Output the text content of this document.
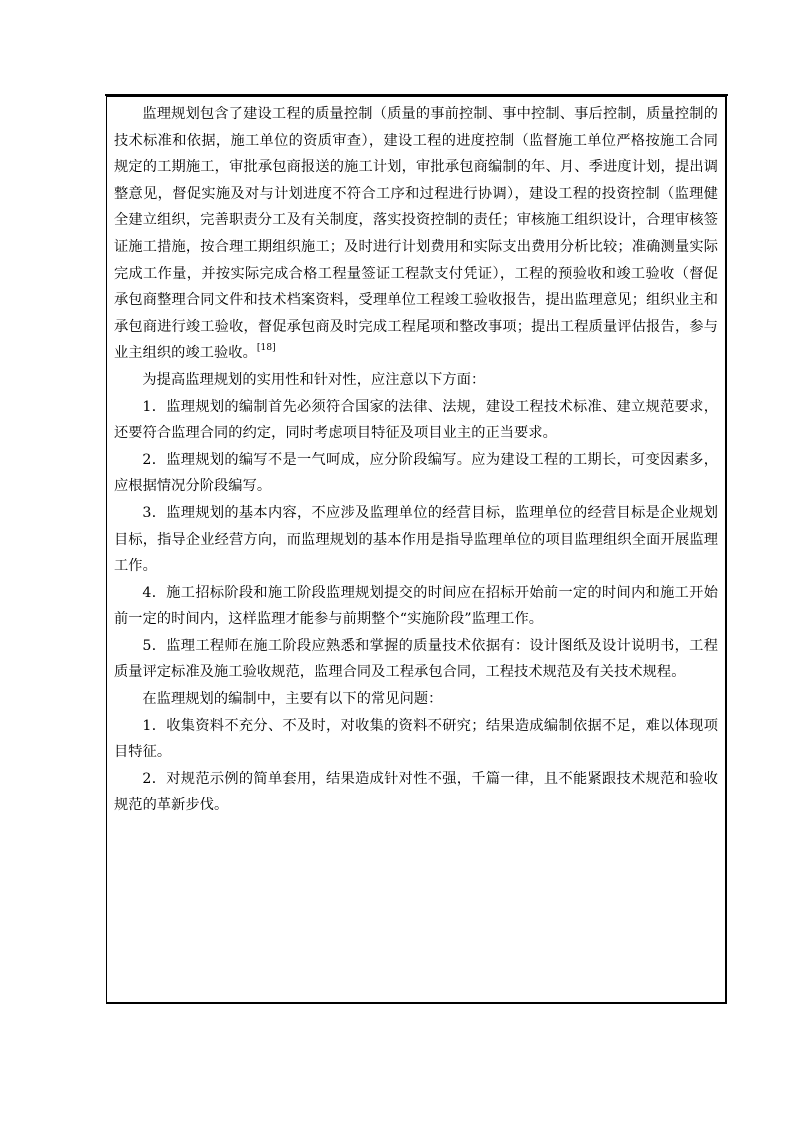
监理规划包含了建设工程的质量控制（质量的事前控制、事中控制、事后控制，质量控制的技术标准和依据，施工单位的资质审查），建设工程的进度控制（监督施工单位严格按施工合同规定的工期施工，审批承包商报送的施工计划，审批承包商编制的年、月、季进度计划，提出调整意见，督促实施及对与计划进度不符合工序和过程进行协调），建设工程的投资控制（监理健全建立组织，完善职责分工及有关制度，落实投资控制的责任；审核施工组织设计，合理审核签证施工措施，按合理工期组织施工；及时进行计划费用和实际支出费用分析比较；准确测量实际完成工作量，并按实际完成合格工程量签证工程款支付凭证），工程的预验收和竣工验收（督促承包商整理合同文件和技术档案资料，受理单位工程竣工验收报告，提出监理意见；组织业主和承包商进行竣工验收，督促承包商及时完成工程尾项和整改事项；提出工程质量评估报告，参与业主组织的竣工验收。[18]

为提高监理规划的实用性和针对性，应注意以下方面：

1．监理规划的编制首先必须符合国家的法律、法规，建设工程技术标准、建立规范要求，还要符合监理合同的约定，同时考虑项目特征及项目业主的正当要求。

2．监理规划的编写不是一气呵成，应分阶段编写。应为建设工程的工期长，可变因素多，应根据情况分阶段编写。

3．监理规划的基本内容，不应涉及监理单位的经营目标，监理单位的经营目标是企业规划目标，指导企业经营方向，而监理规划的基本作用是指导监理单位的项目监理组织全面开展监理工作。

4．施工招标阶段和施工阶段监理规划提交的时间应在招标开始前一定的时间内和施工开始前一定的时间内，这样监理才能参与前期整个“实施阶段”监理工作。

5．监理工程师在施工阶段应熟悉和掌握的质量技术依据有：设计图纸及设计说明书，工程质量评定标准及施工验收规范，监理合同及工程承包合同，工程技术规范及有关技术规程。

在监理规划的编制中，主要有以下的常见问题：

1．收集资料不充分、不及时，对收集的资料不研究；结果造成编制依据不足，难以体现项目特征。

2．对规范示例的简单套用，结果造成针对性不强，千篇一律，且不能紧跟技术规范和验收规范的革新步伐。
